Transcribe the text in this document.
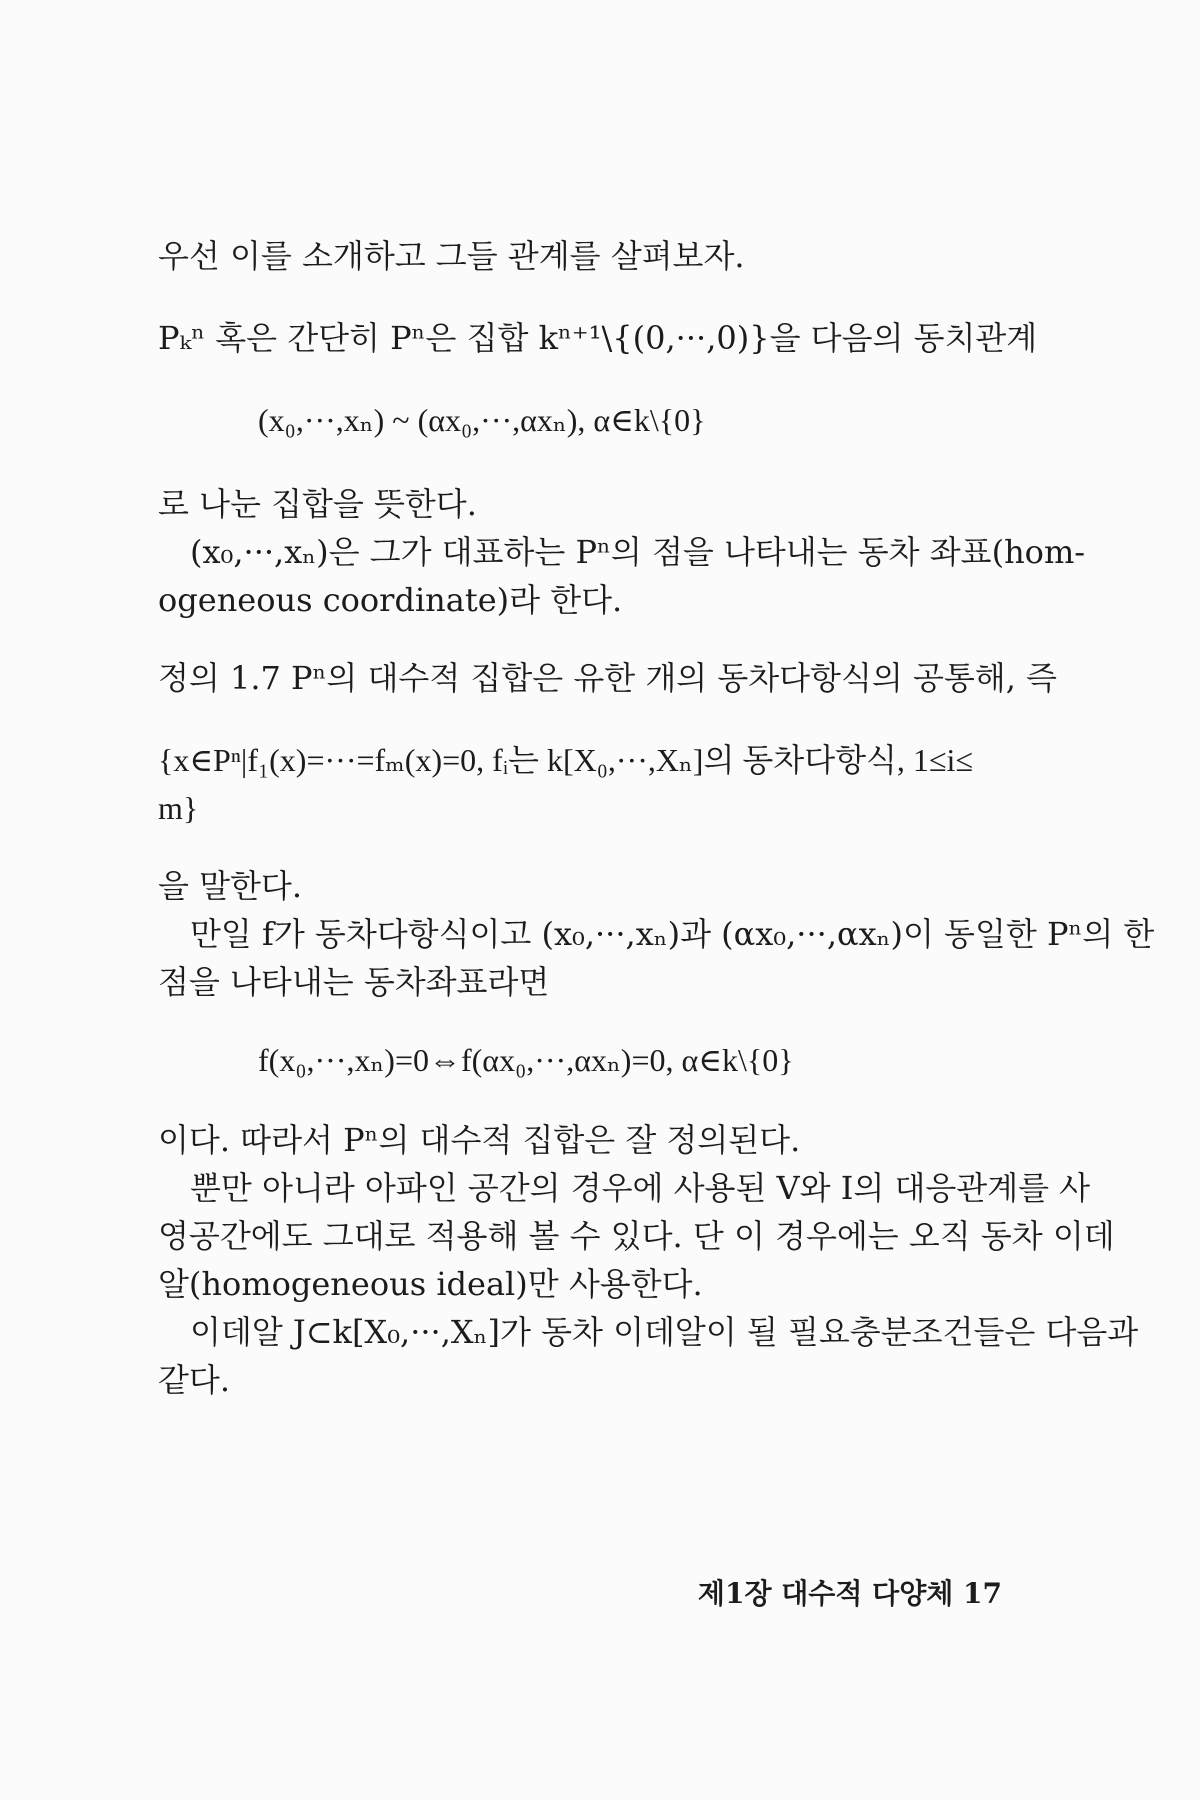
우선 이를 소개하고 그들 관계를 살펴보자.
Pₖⁿ 혹은 간단히 Pⁿ은 집합 kⁿ⁺¹\{(0,···,0)}을 다음의 동치관계
(x₀,···,xₙ) ~ (αx₀,···,αxₙ), α∈k\{0}
로 나눈 집합을 뜻한다.
(x₀,···,xₙ)은 그가 대표하는 Pⁿ의 점을 나타내는 동차 좌표(hom-
ogeneous coordinate)라 한다.
정의 1.7 Pⁿ의 대수적 집합은 유한 개의 동차다항식의 공통해, 즉
{x∈Pⁿ|f₁(x)=···=fₘ(x)=0, fᵢ는 k[X₀,···,Xₙ]의 동차다항식, 1≤i≤
m}
을 말한다.
만일 f가 동차다항식이고 (x₀,···,xₙ)과 (αx₀,···,αxₙ)이 동일한 Pⁿ의 한
점을 나타내는 동차좌표라면
f(x₀,···,xₙ)=0⇔f(αx₀,···,αxₙ)=0, α∈k\{0}
이다. 따라서 Pⁿ의 대수적 집합은 잘 정의된다.
뿐만 아니라 아파인 공간의 경우에 사용된 V와 I의 대응관계를 사
영공간에도 그대로 적용해 볼 수 있다. 단 이 경우에는 오직 동차 이데
알(homogeneous ideal)만 사용한다.
이데알 J⊂k[X₀,···,Xₙ]가 동차 이데알이 될 필요충분조건들은 다음과
같다.
제1장 대수적 다양체 17
